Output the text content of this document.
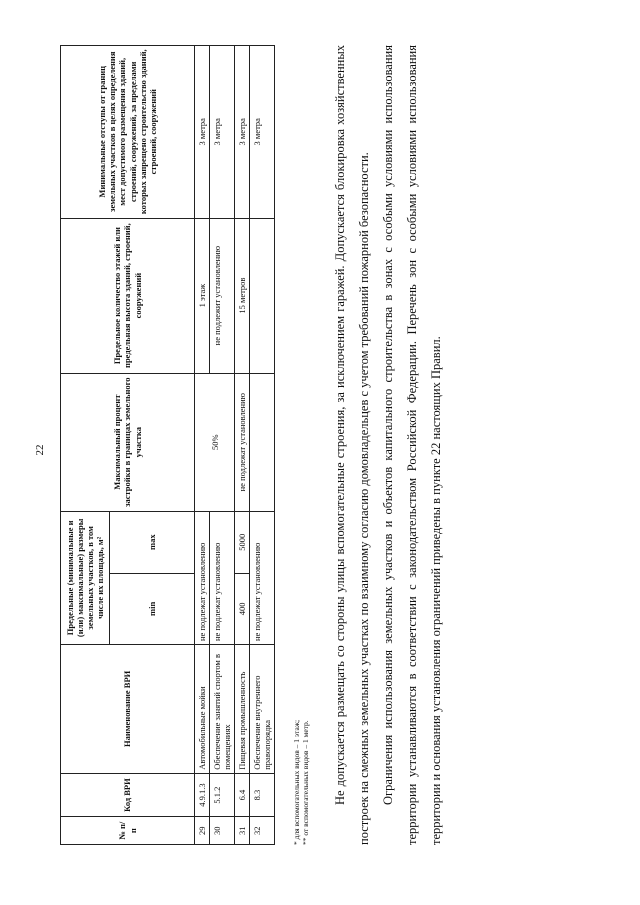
22
№ п/п	Код ВРИ	Наименование ВРИ	Предельные (минимальные и (или) максимальные) размеры земельных участков, в том числе их площадь, м²		Максимальный процент застройки в границах земельного участка	Предельное количество этажей или предельная высота зданий, строений, сооружений	Минимальные отступы от границ земельных участков в целях определения мест допустимого размещения зданий, строений, сооружений, за пределами которых запрещено строительство зданий, строений, сооружений
			min	max			
29	4.9.1.3	Автомобильные мойки	не подлежат установлению		50%	1 этаж	3 метра
30	5.1.2	Обеспечение занятий спортом в помещениях	не подлежат установлению			не подлежит установлению	3 метра
31	6.4	Пищевая промышленность	400	5000	не подлежат установлению	15 метров	3 метра
32	8.3	Обеспечение внутреннего правопорядка	не подлежат установлению				3 метра
* для вспомогательных видов – 1 этаж; ** от вспомогательных видов – 1 метр.	Не допускается размещать со стороны улицы вспомогательные строения, за исключением гаражей. Допускается блокировка хозяйственных построек на смежных земельных участках по взаимному согласию домовладельцев с учетом требований пожарной безопасности. Ограничения использования земельных участков и объектов капитального строительства в зонах с особыми условиями использования территории устанавливаются в соответствии с законодательством Российской Федерации. Перечень зон с особыми условиями использования территории и основания установления ограничений приведены в пункте 22 настоящих Правил.
